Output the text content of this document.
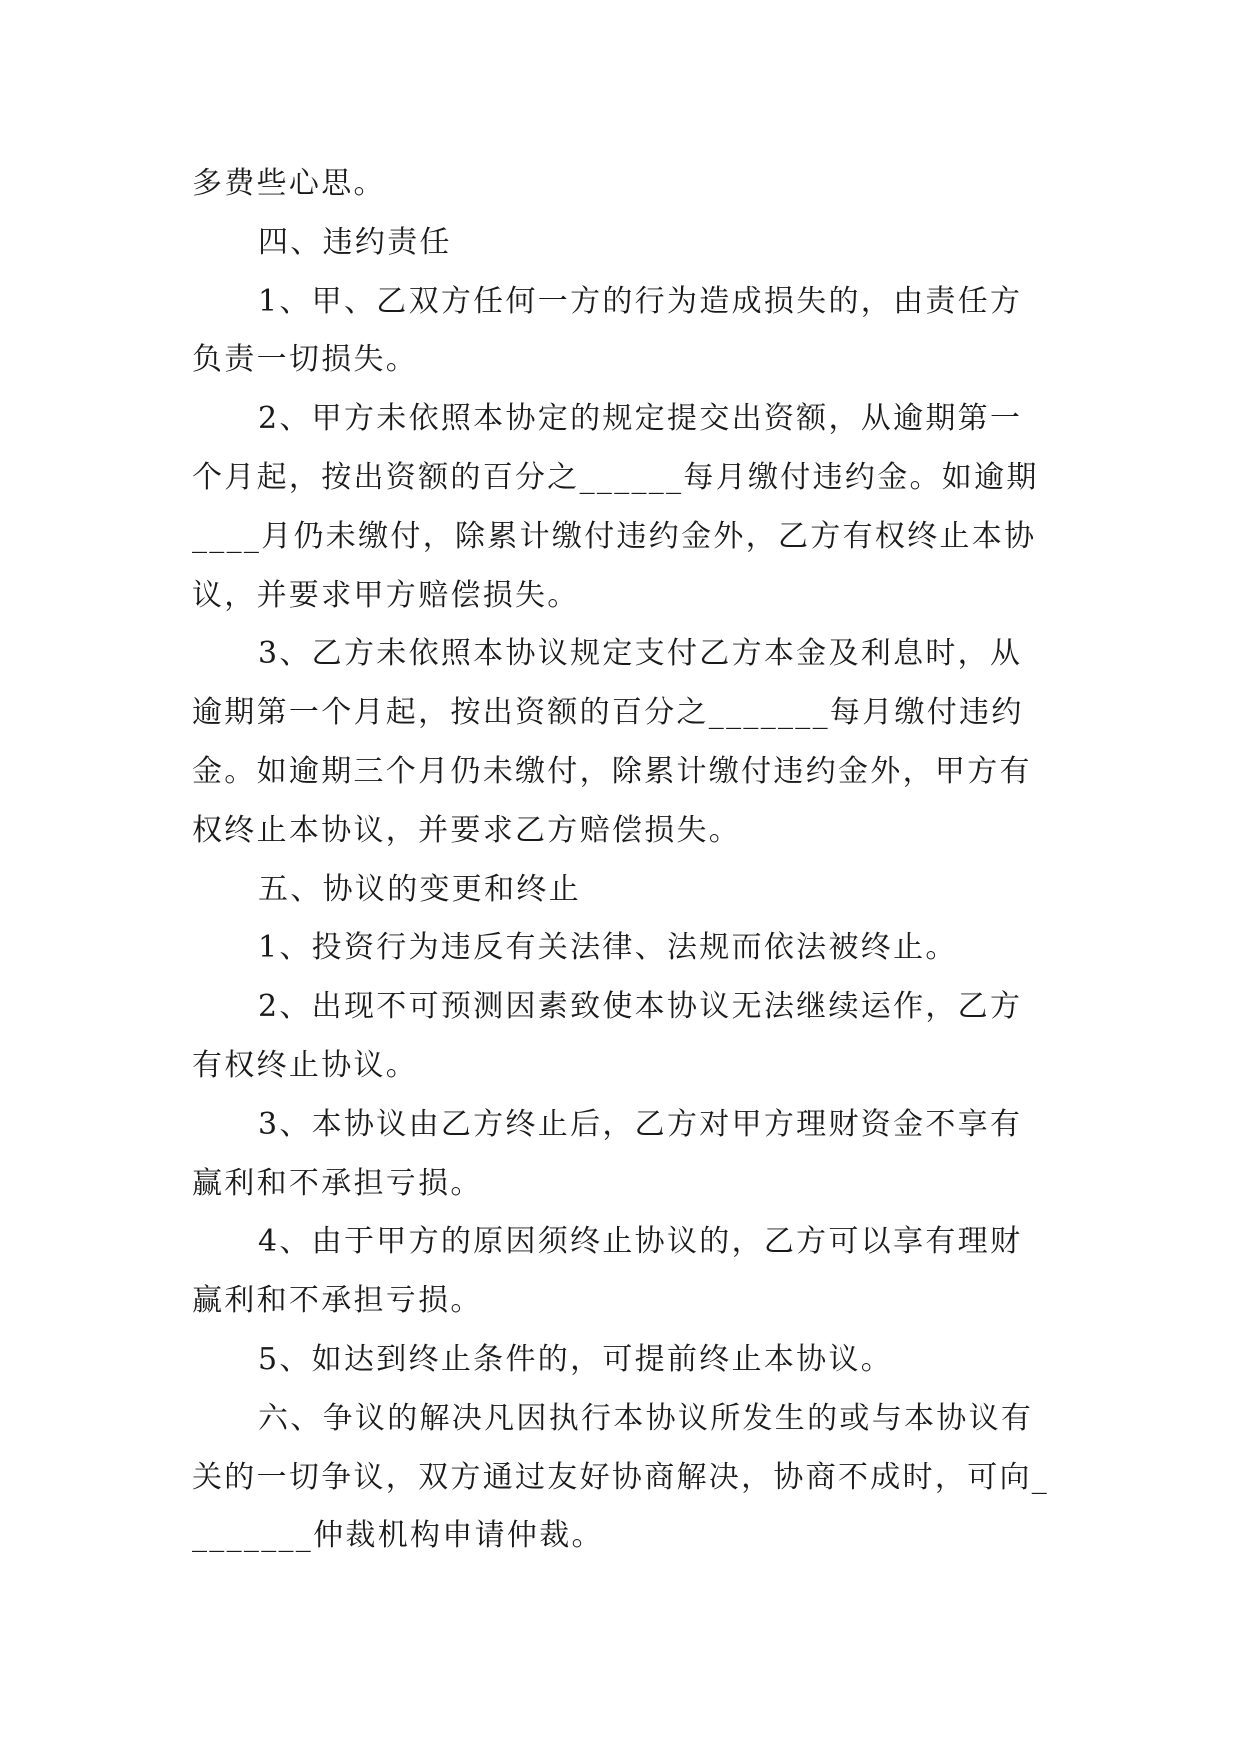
多费些心思。

四、违约责任

1、甲、乙双方任何一方的行为造成损失的，由责任方负责一切损失。

2、甲方未依照本协定的规定提交出资额，从逾期第一个月起，按出资额的百分之______每月缴付违约金。如逾期____月仍未缴付，除累计缴付违约金外，乙方有权终止本协议，并要求甲方赔偿损失。

3、乙方未依照本协议规定支付乙方本金及利息时，从逾期第一个月起，按出资额的百分之_______每月缴付违约金。如逾期三个月仍未缴付，除累计缴付违约金外，甲方有权终止本协议，并要求乙方赔偿损失。

五、协议的变更和终止

1、投资行为违反有关法律、法规而依法被终止。

2、出现不可预测因素致使本协议无法继续运作，乙方有权终止协议。

3、本协议由乙方终止后，乙方对甲方理财资金不享有赢利和不承担亏损。

4、由于甲方的原因须终止协议的，乙方可以享有理财赢利和不承担亏损。

5、如达到终止条件的，可提前终止本协议。

六、争议的解决凡因执行本协议所发生的或与本协议有关的一切争议，双方通过友好协商解决，协商不成时，可向________仲裁机构申请仲裁。
